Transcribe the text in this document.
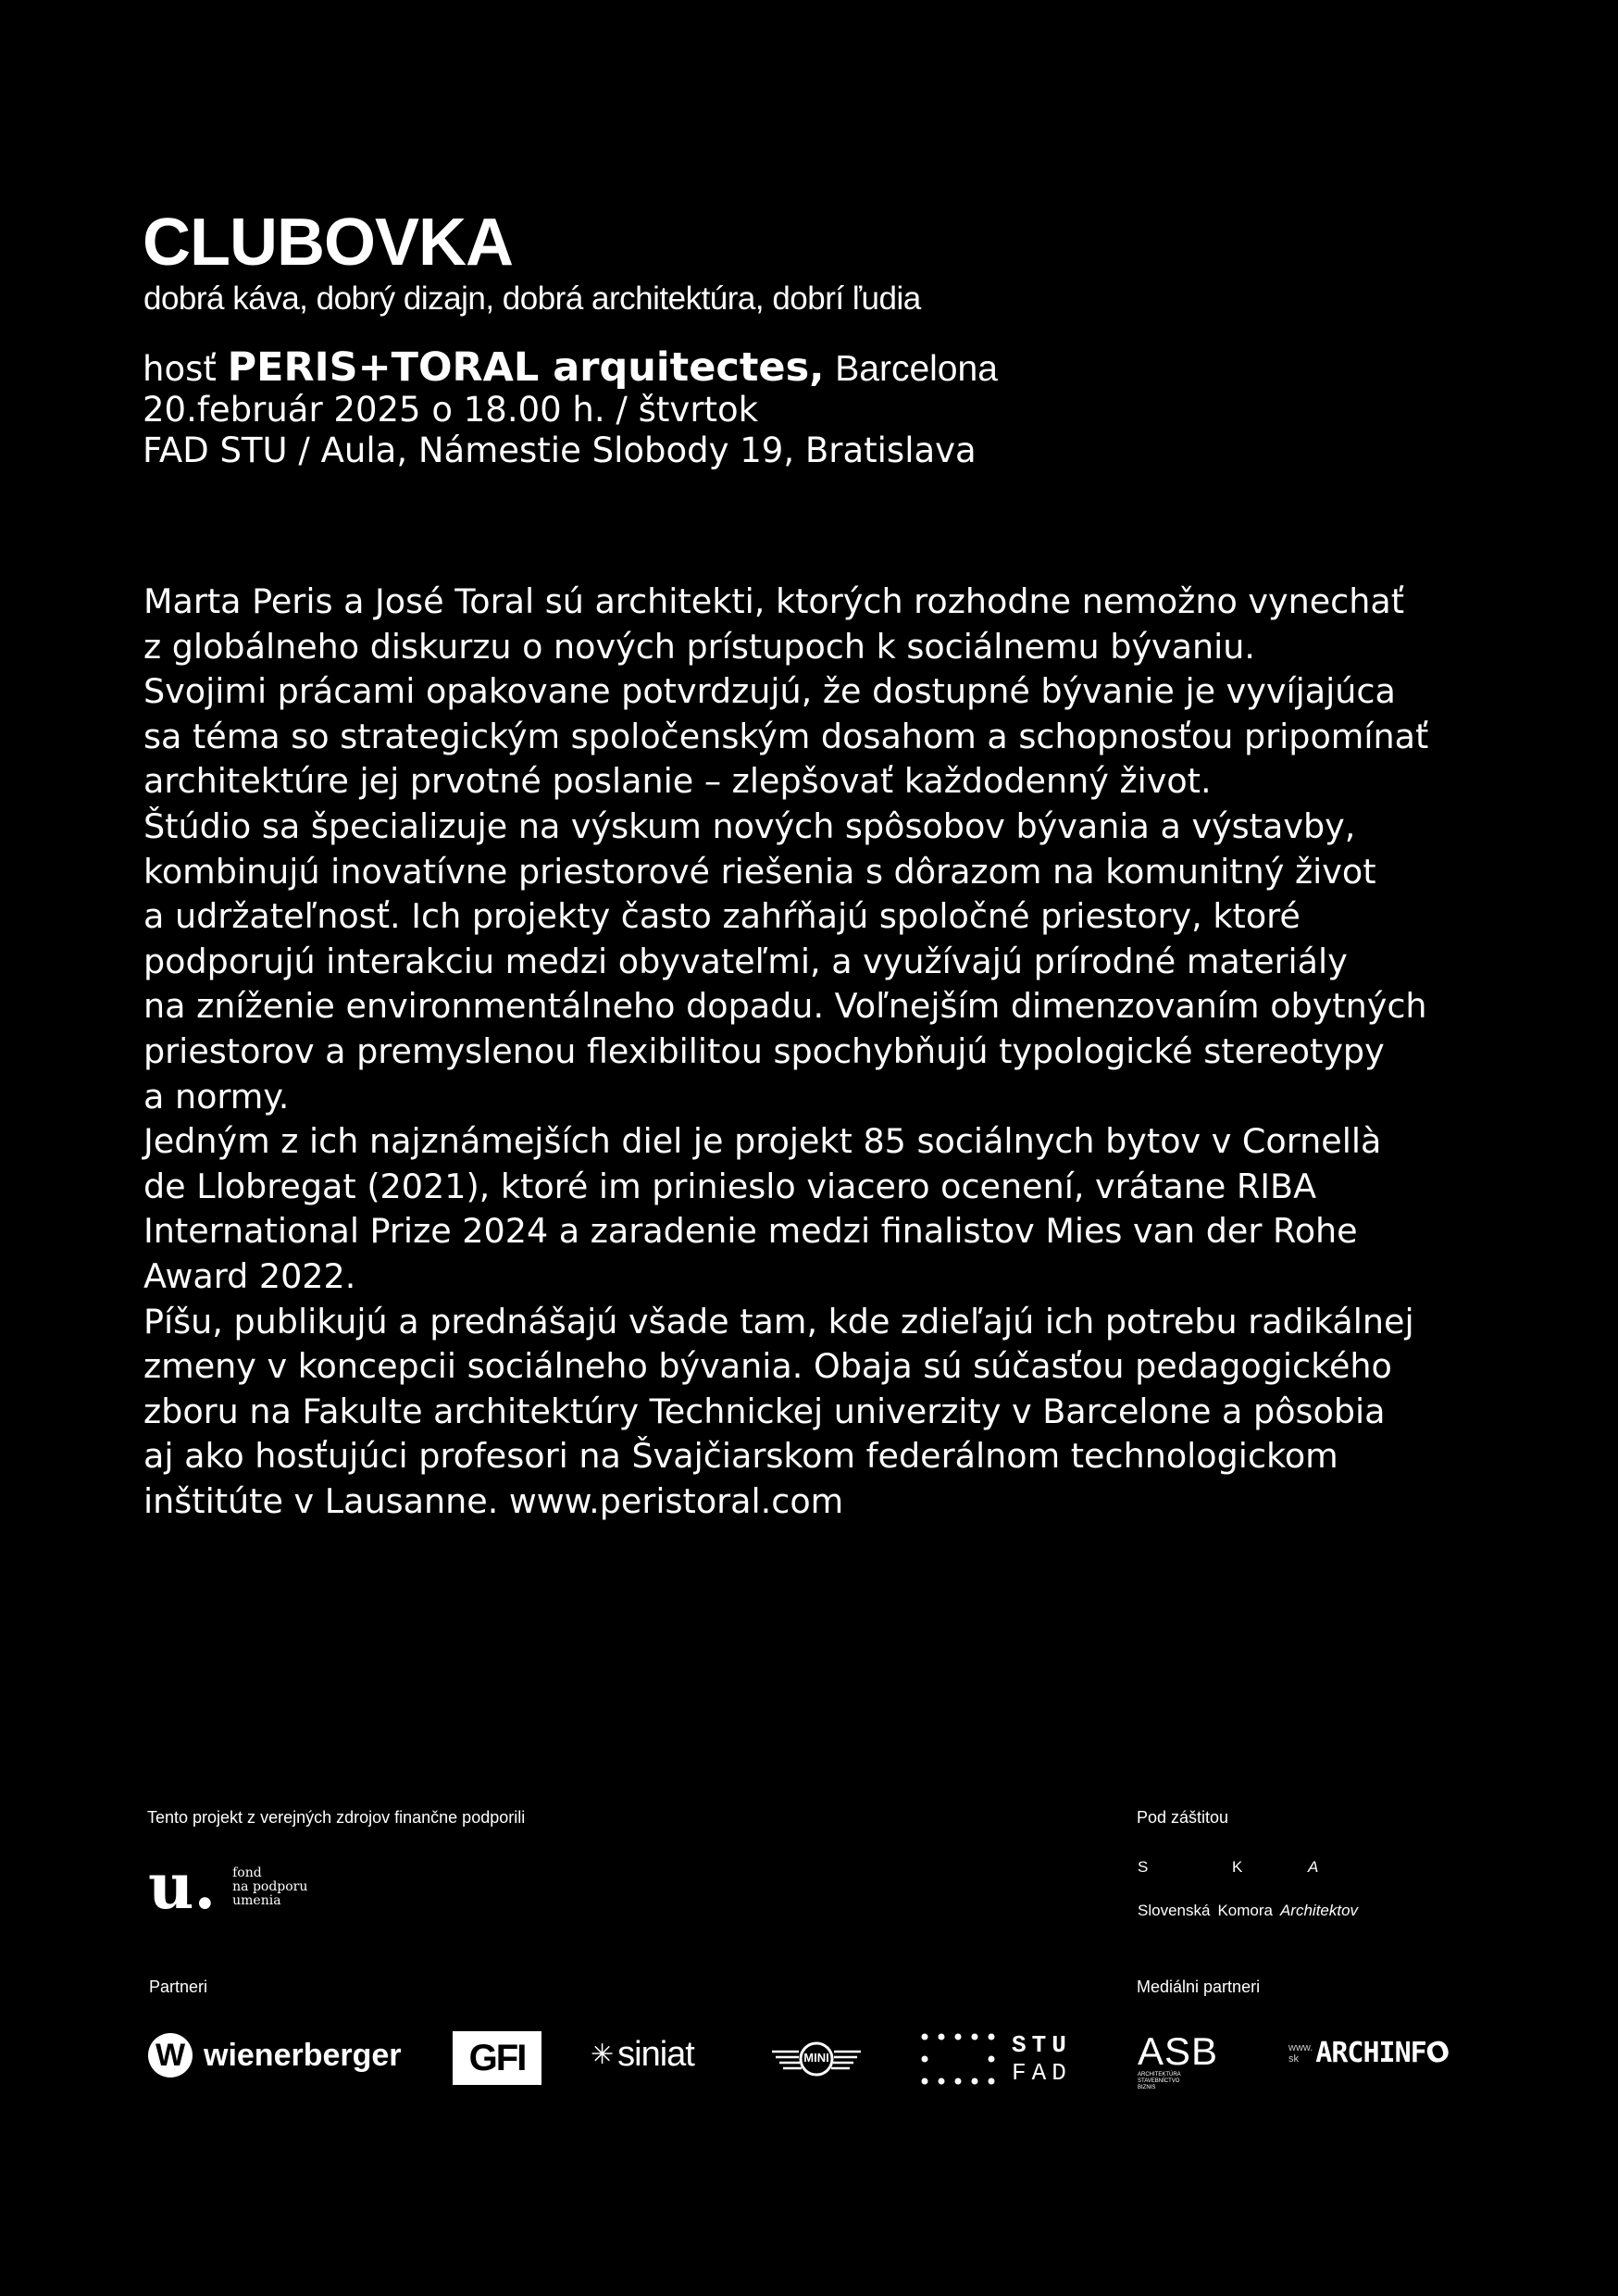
CLUBOVKA
dobrá káva, dobrý dizajn, dobrá architektúra, dobrí ľudia
hosť PERIS+TORAL arquitectes, Barcelona
20.február 2025 o 18.00 h. / štvrtok
FAD STU / Aula, Námestie Slobody 19, Bratislava

Marta Peris a José Toral sú architekti, ktorých rozhodne nemožno vynechať

z globálneho diskurzu o nových prístupoch k sociálnemu bývaniu.

Svojimi prácami opakovane potvrdzujú, že dostupné bývanie je vyvíjajúca

sa téma so strategickým spoločenským dosahom a schopnosťou pripomínať

architektúre jej prvotné poslanie – zlepšovať každodenný život.

Štúdio sa špecializuje na výskum nových spôsobov bývania a výstavby,

kombinujú inovatívne priestorové riešenia s dôrazom na komunitný život

a udržateľnosť. Ich projekty často zahŕňajú spoločné priestory, ktoré

podporujú interakciu medzi obyvateľmi, a využívajú prírodné materiály

na zníženie environmentálneho dopadu. Voľnejším dimenzovaním obytných

priestorov a premyslenou flexibilitou spochybňujú typologické stereotypy

a normy.

Jedným z ich najznámejších diel je projekt 85 sociálnych bytov v Cornellà

de Llobregat (2021), ktoré im prinieslo viacero ocenení, vrátane RIBA

International Prize 2024 a zaradenie medzi finalistov Mies van der Rohe

Award 2022.

Píšu, publikujú a prednášajú všade tam, kde zdieľajú ich potrebu radikálnej

zmeny v koncepcii sociálneho bývania. Obaja sú súčasťou pedagogického

zboru na Fakulte architektúry Technickej univerzity v Barcelone a pôsobia

aj ako hosťujúci profesori na Švajčiarskom federálnom technologickom

inštitúte v Lausanne. www.peristoral.com

Tento projekt z verejných zdrojov finančne podporili
u. fond
na podporu
umenia
Pod záštitou
S	K	A
Slovenská Komora Architektov
Partneri
W wienerberger	GFI	✳ siniat	MINI	STU
FAD
Mediálni partneri
ASB
ARCHITEKTÚRA
STAVEBNÍCTVO
BIZNIS
www.
sk ARCHINF
O
